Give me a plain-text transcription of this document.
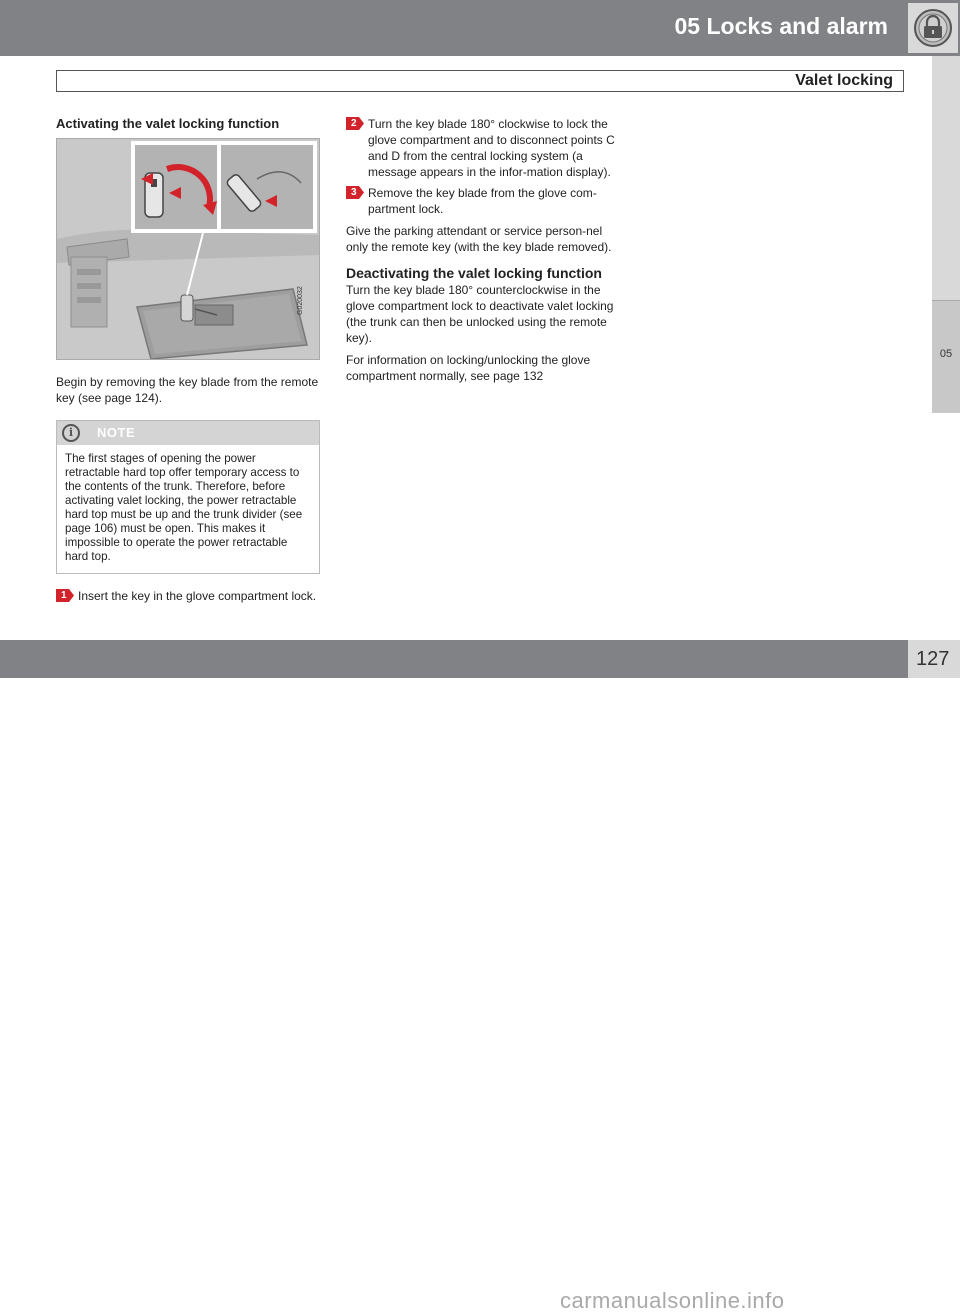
05 Locks and alarm
Valet locking
05
Activating the valet locking function
G020032

Begin by removing the key blade from the remote key (see page 124).

i	NOTE
The first stages of opening the power retractable hard top offer temporary access to the contents of the trunk. Therefore, before activating valet locking, the power retractable hard top must be up and the trunk divider (see page 106) must be open. This makes it impossible to operate the power retractable hard top.
1 Insert the key in the glove compartment lock.
2 Turn the key blade 180° clockwise to lock the glove compartment and to disconnect points C and D from the central locking system (a message appears in the infor-mation display).
3 Remove the key blade from the glove com-partment lock.

Give the parking attendant or service person-nel only the remote key (with the key blade removed).

Deactivating the valet locking function

Turn the key blade 180° counterclockwise in the glove compartment lock to deactivate valet locking (the trunk can then be unlocked using the remote key).

For information on locking/unlocking the glove compartment normally, see page 132

carmanualsonline.info
127
